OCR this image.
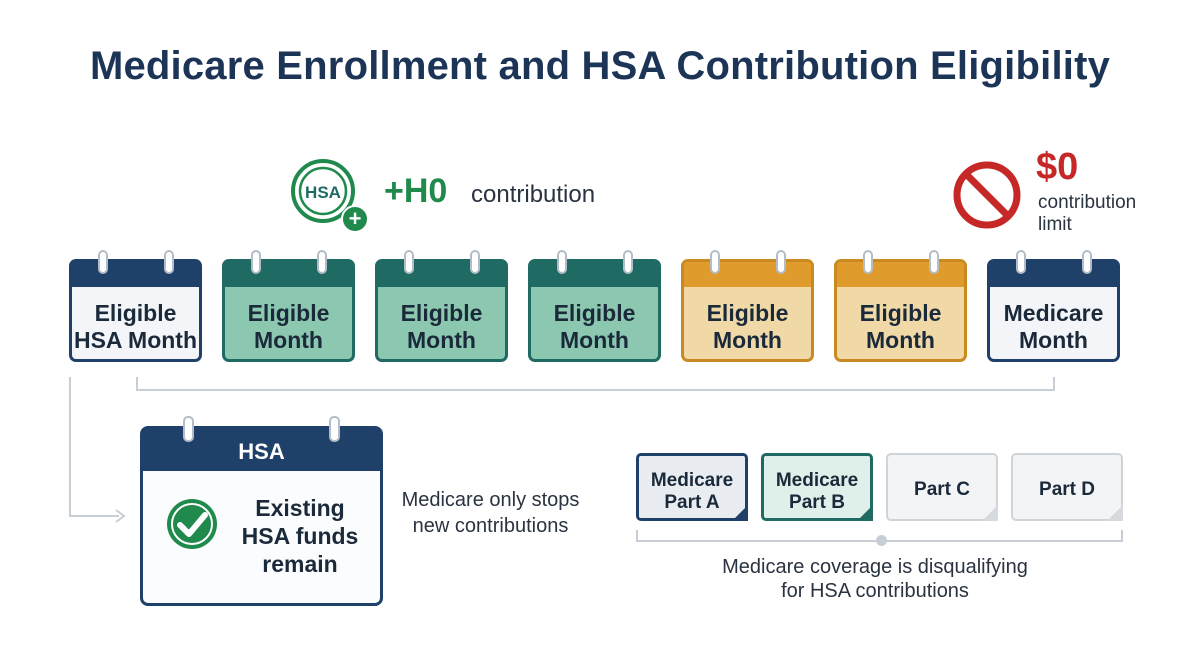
Medicare Enrollment and HSA Contribution Eligibility
HSA
+
+H0 contribution
$0
contribution limit
Eligible
HSA Month
Eligible
Month
Eligible
Month
Eligible
Month
Eligible
Month
Eligible
Month
Medicare
Month
HSA
Existing
HSA funds
remain
Medicare only stops
new contributions
Medicare
Part A
Medicare
Part B
Part C	Part D
Medicare coverage is disqualifying
for HSA contributions
